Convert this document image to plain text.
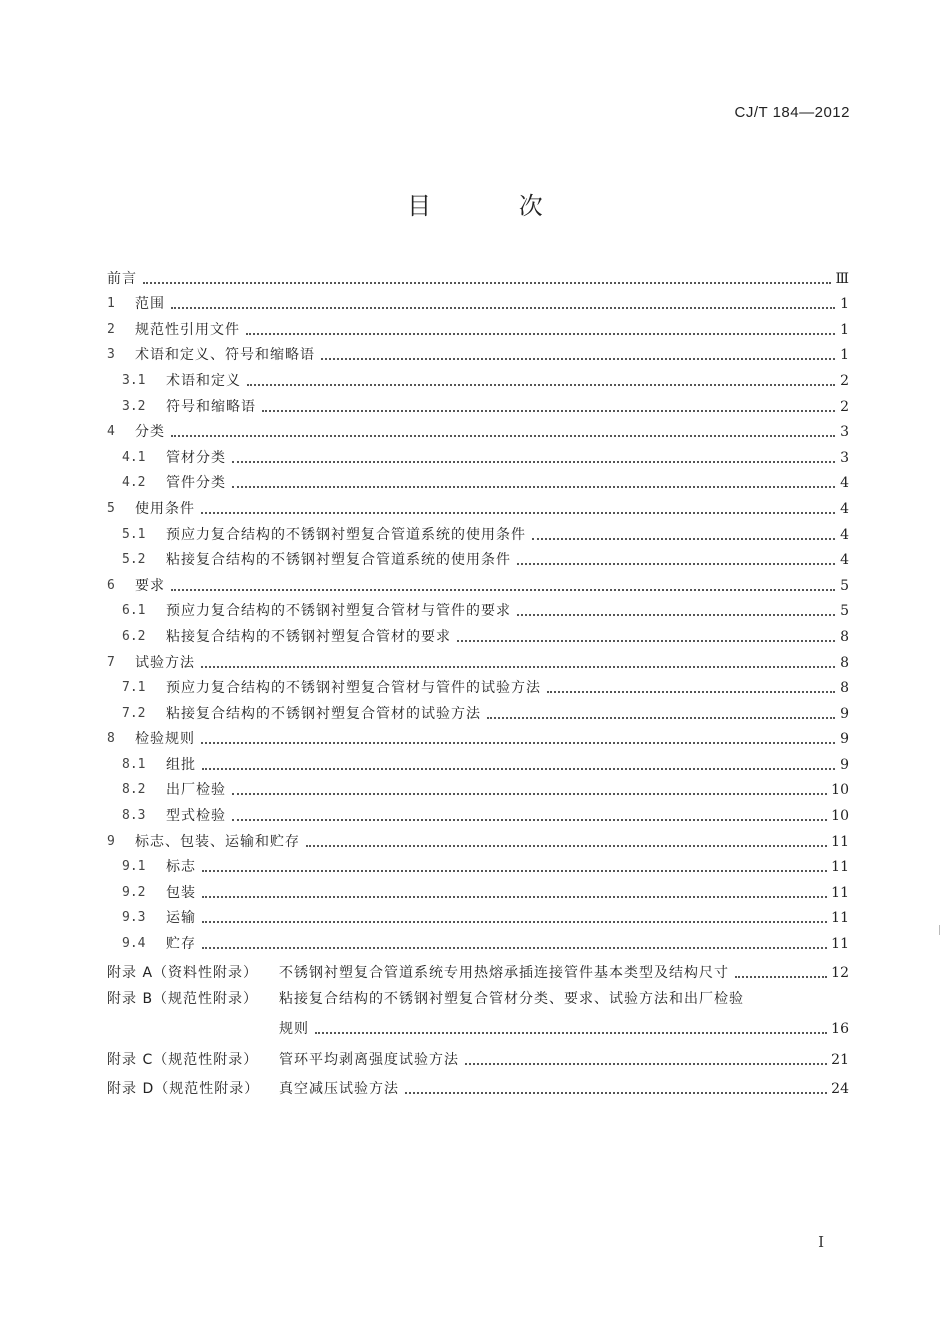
CJ/T 184—2012
目 次
前言	Ⅲ
1	范围	1
2	规范性引用文件	1
3	术语和定义、符号和缩略语	1
3.1	术语和定义	2
3.2	符号和缩略语	2
4	分类	3
4.1	管材分类	3
4.2	管件分类	4
5	使用条件	4
5.1	预应力复合结构的不锈钢衬塑复合管道系统的使用条件	4
5.2	粘接复合结构的不锈钢衬塑复合管道系统的使用条件	4
6	要求	5
6.1	预应力复合结构的不锈钢衬塑复合管材与管件的要求	5
6.2	粘接复合结构的不锈钢衬塑复合管材的要求	8
7	试验方法	8
7.1	预应力复合结构的不锈钢衬塑复合管材与管件的试验方法	8
7.2	粘接复合结构的不锈钢衬塑复合管材的试验方法	9
8	检验规则	9
8.1	组批	9
8.2	出厂检验	10
8.3	型式检验	10
9	标志、包装、运输和贮存	11
9.1	标志	11
9.2	包装	11
9.3	运输	11
9.4	贮存	11
附录 A（资料性附录）	不锈钢衬塑复合管道系统专用热熔承插连接管件基本类型及结构尺寸	12
附录 B（规范性附录）	粘接复合结构的不锈钢衬塑复合管材分类、要求、试验方法和出厂检验
规则	16
附录 C（规范性附录）	管环平均剥离强度试验方法	21
附录 D（规范性附录）	真空减压试验方法	24
I
